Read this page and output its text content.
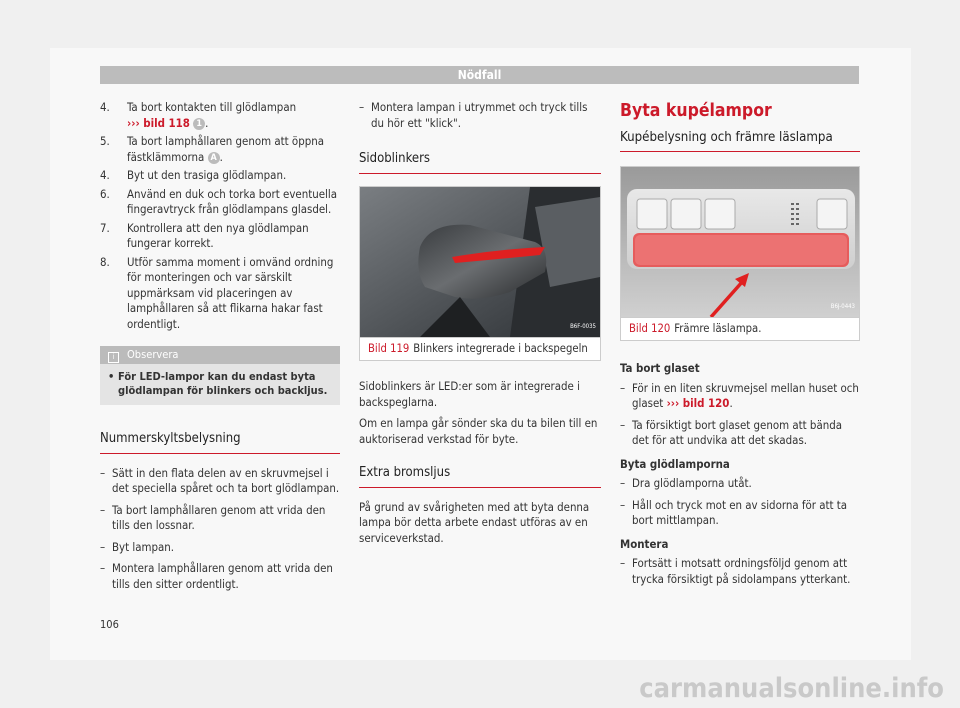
Nödfall
4. Ta bort kontakten till glödlampan
››› bild 118 1 .
5. Ta bort lamphållaren genom att öppna fästklämmorna A .
4. Byt ut den trasiga glödlampan.
6. Använd en duk och torka bort eventuella fingeravtryck från glödlampans glasdel.
7. Kontrollera att den nya glödlampan fungerar korrekt.
8. Utför samma moment i omvänd ordning för monteringen och var särskilt uppmärksam vid placeringen av lamphållaren så att flikarna hakar fast ordentligt.
i Observera
• För LED-lampor kan du endast byta glödlampan för blinkers och backljus.
Nummerskyltsbelysning
– Sätt in den flata delen av en skruvmejsel i det speciella spåret och ta bort glödlampan.
– Ta bort lamphållaren genom att vrida den tills den lossnar.
– Byt lampan.
– Montera lamphållaren genom att vrida den tills den sitter ordentligt.
– Montera lampan i utrymmet och tryck tills du hör ett "klick".
Sidoblinkers
B6F-0035
Bild 119 Blinkers integrerade i backspegeln

Sidoblinkers är LED:er som är integrerade i backspeglarna.

Om en lampa går sönder ska du ta bilen till en auktoriserad verkstad för byte.

Extra bromsljus

På grund av svårigheten med att byta denna lampa bör detta arbete endast utföras av en serviceverkstad.

Byta kupélampor
Kupébelysning och främre läslampa
B6J-0443
Bild 120 Främre läslampa.
Ta bort glaset
– För in en liten skruvmejsel mellan huset och glaset ››› bild 120.
– Ta försiktigt bort glaset genom att bända det för att undvika att det skadas.
Byta glödlamporna
– Dra glödlamporna utåt.
– Håll och tryck mot en av sidorna för att ta bort mittlampan.
Montera
– Fortsätt i motsatt ordningsföljd genom att trycka försiktigt på sidolampans ytterkant.
106
carmanualsonline.info
